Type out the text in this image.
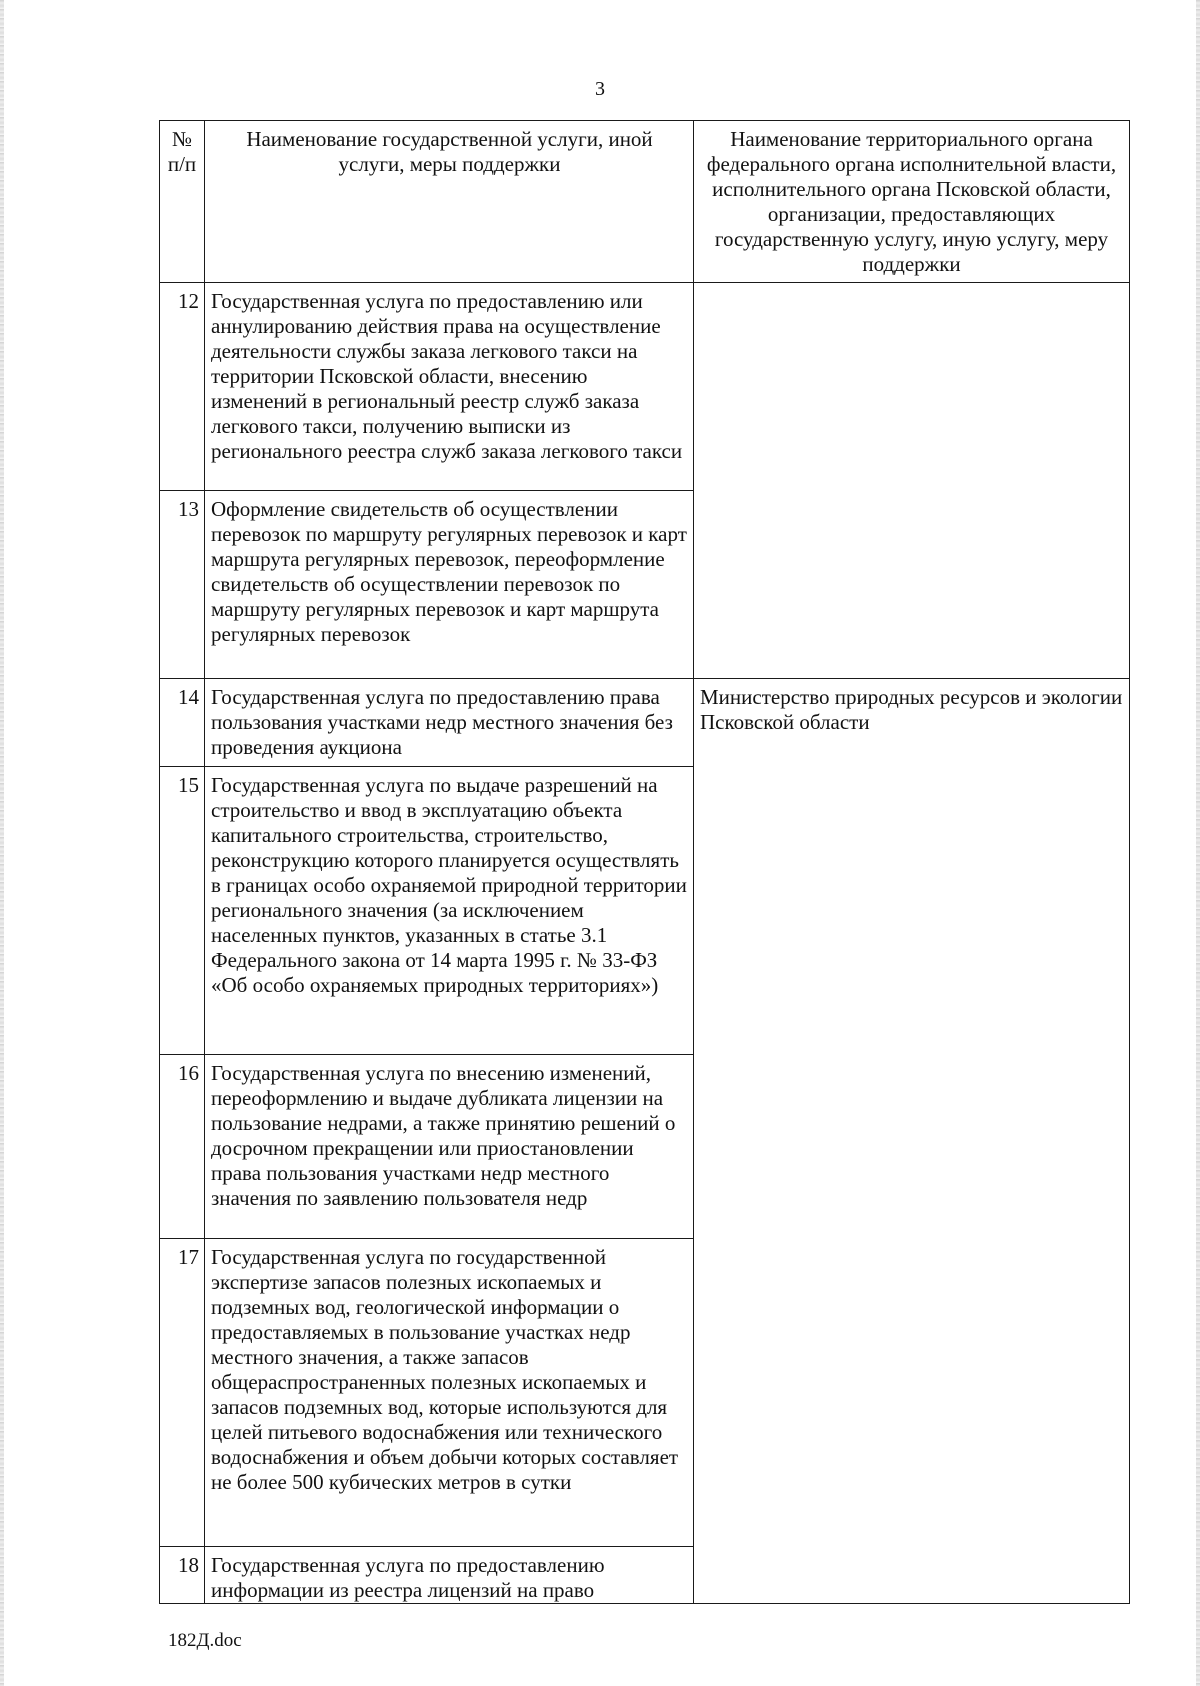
3
№ п/п	Наименование государственной услуги, иной услуги, меры поддержки	Наименование территориального органа федерального органа исполнительной власти, исполнительного органа Псковской области, организации, предоставляющих государственную услугу, иную услугу, меру поддержки
12	Государственная услуга по предоставлению или аннулированию действия права на осуществление деятельности службы заказа легкового такси на территории Псковской области, внесению изменений в региональный реестр служб заказа легкового такси, получению выписки из регионального реестра служб заказа легкового такси	
13	Оформление свидетельств об осуществлении перевозок по маршруту регулярных перевозок и карт маршрута регулярных перевозок, переоформление свидетельств об осуществлении перевозок по маршруту регулярных перевозок и карт маршрута регулярных перевозок	
14	Государственная услуга по предоставлению права пользования участками недр местного значения без проведения аукциона	Министерство природных ресурсов и экологии Псковской области
15	Государственная услуга по выдаче разрешений на строительство и ввод в эксплуатацию объекта капитального строительства, строительство, реконструкцию которого планируется осуществлять в границах особо охраняемой природной территории регионального значения (за исключением населенных пунктов, указанных в статье 3.1 Федерального закона от 14 марта 1995 г. № 33-ФЗ «Об особо охраняемых природных территориях»)	
16	Государственная услуга по внесению изменений, переоформлению и выдаче дубликата лицензии на пользование недрами, а также принятию решений о досрочном прекращении или приостановлении права пользования участками недр местного значения по заявлению пользователя недр	
17	Государственная услуга по государственной экспертизе запасов полезных ископаемых и подземных вод, геологической информации о предоставляемых в пользование участках недр местного значения, а также запасов общераспространенных полезных ископаемых и запасов подземных вод, которые используются для целей питьевого водоснабжения или технического водоснабжения и объем добычи которых составляет не более 500 кубических метров в сутки	
18	Государственная услуга по предоставлению информации из реестра лицензий на право	
182Д.doc
